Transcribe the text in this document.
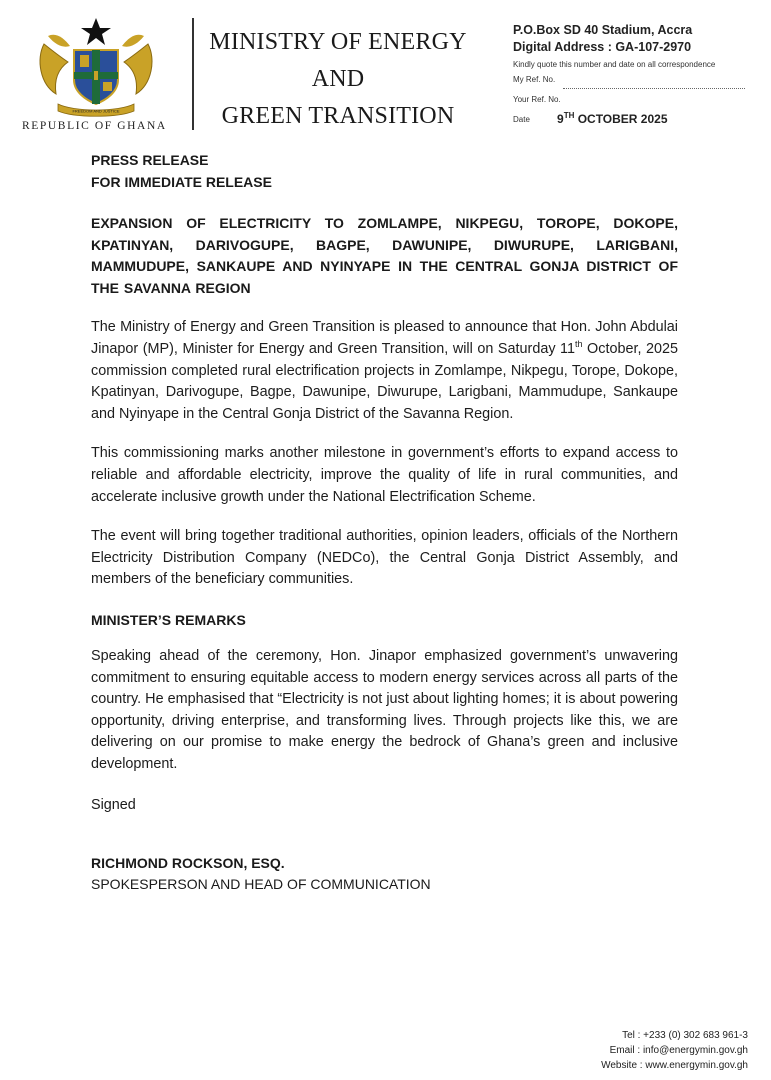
FREEDOM AND JUSTICE
REPUBLIC OF GHANA
MINISTRY OF ENERGY
AND
GREEN TRANSITION
P.O.Box SD 40 Stadium, Accra
Digital Address : GA-107-2970
Kindly quote this number and date on all correspondence
My Ref. No.
Your Ref. No.
Date 9TH OCTOBER 2025
PRESS RELEASE
FOR IMMEDIATE RELEASE
EXPANSION OF ELECTRICITY TO ZOMLAMPE, NIKPEGU, TOROPE, DOKOPE, KPATINYAN, DARIVOGUPE, BAGPE, DAWUNIPE, DIWURUPE, LARIGBANI, MAMMUDUPE, SANKAUPE AND NYINYAPE IN THE CENTRAL GONJA DISTRICT OF THE SAVANNA REGION
The Ministry of Energy and Green Transition is pleased to announce that Hon. John Abdulai Jinapor (MP), Minister for Energy and Green Transition, will on Saturday 11th October, 2025 commission completed rural electrification projects in Zomlampe, Nikpegu, Torope, Dokope, Kpatinyan, Darivogupe, Bagpe, Dawunipe, Diwurupe, Larigbani, Mammudupe, Sankaupe and Nyinyape in the Central Gonja District of the Savanna Region.
This commissioning marks another milestone in government’s efforts to expand access to reliable and affordable electricity, improve the quality of life in rural communities, and accelerate inclusive growth under the National Electrification Scheme.
The event will bring together traditional authorities, opinion leaders, officials of the Northern Electricity Distribution Company (NEDCo), the Central Gonja District Assembly, and members of the beneficiary communities.
MINISTER’S REMARKS
Speaking ahead of the ceremony, Hon. Jinapor emphasized government’s unwavering commitment to ensuring equitable access to modern energy services across all parts of the country. He emphasised that “Electricity is not just about lighting homes; it is about powering opportunity, driving enterprise, and transforming lives. Through projects like this, we are delivering on our promise to make energy the bedrock of Ghana’s green and inclusive development.
Signed
RICHMOND ROCKSON, ESQ.
SPOKESPERSON AND HEAD OF COMMUNICATION
Tel : +233 (0) 302 683 961-3
Email : info@energymin.gov.gh
Website : www.energymin.gov.gh
